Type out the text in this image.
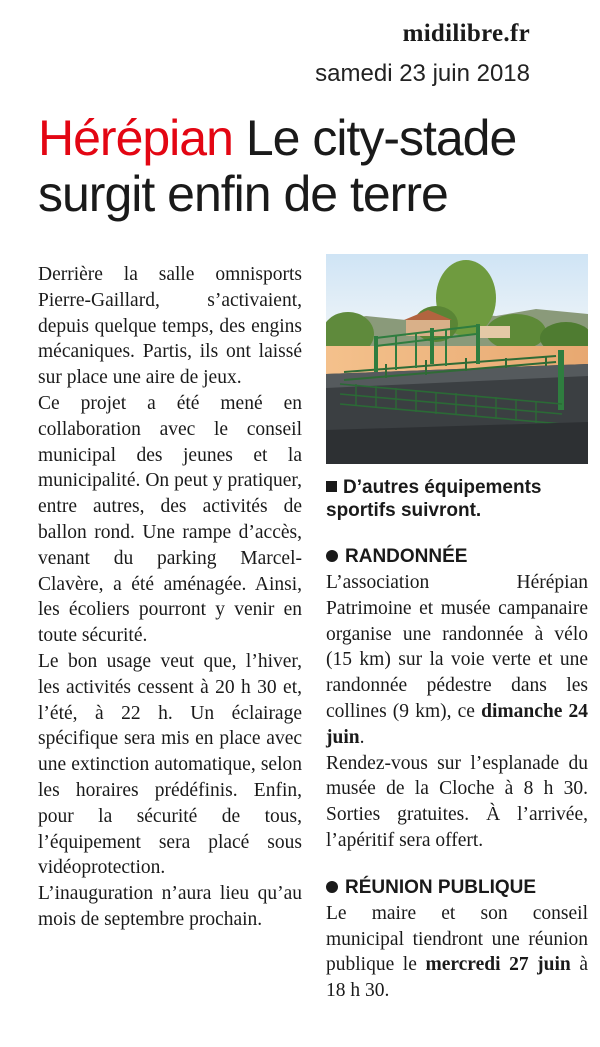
midilibre.fr
samedi 23 juin 2018
Hérépian Le city-stade
surgit enfin de terre

Derrière la salle omnisports Pierre-Gaillard, s’activaient, depuis quelque temps, des engins mécaniques. Partis, ils ont laissé sur place une aire de jeux.

Ce projet a été mené en collaboration avec le conseil municipal des jeunes et la municipalité. On peut y pratiquer, entre autres, des activités de ballon rond. Une rampe d’accès, venant du parking Marcel-Clavère, a été aménagée. Ainsi, les écoliers pourront y venir en toute sécurité.

Le bon usage veut que, l’hiver, les activités cessent à 20 h 30 et, l’été, à 22 h. Un éclairage spécifique sera mis en place avec une extinction automatique, selon les horaires prédéfinis. Enfin, pour la sécurité de tous, l’équipement sera placé sous vidéoprotection.

L’inauguration n’aura lieu qu’au mois de septembre prochain.

D’autres équipements sportifs suivront.

RANDONNÉE

L’association Hérépian Patrimoine et musée campanaire organise une randonnée à vélo (15 km) sur la voie verte et une randonnée pédestre dans les collines (9 km), ce dimanche 24 juin.

Rendez-vous sur l’esplanade du musée de la Cloche à 8 h 30. Sorties gratuites. À l’arrivée, l’apéritif sera offert.

RÉUNION PUBLIQUE

Le maire et son conseil municipal tiendront une réunion publique le mercredi 27 juin à 18 h 30.
